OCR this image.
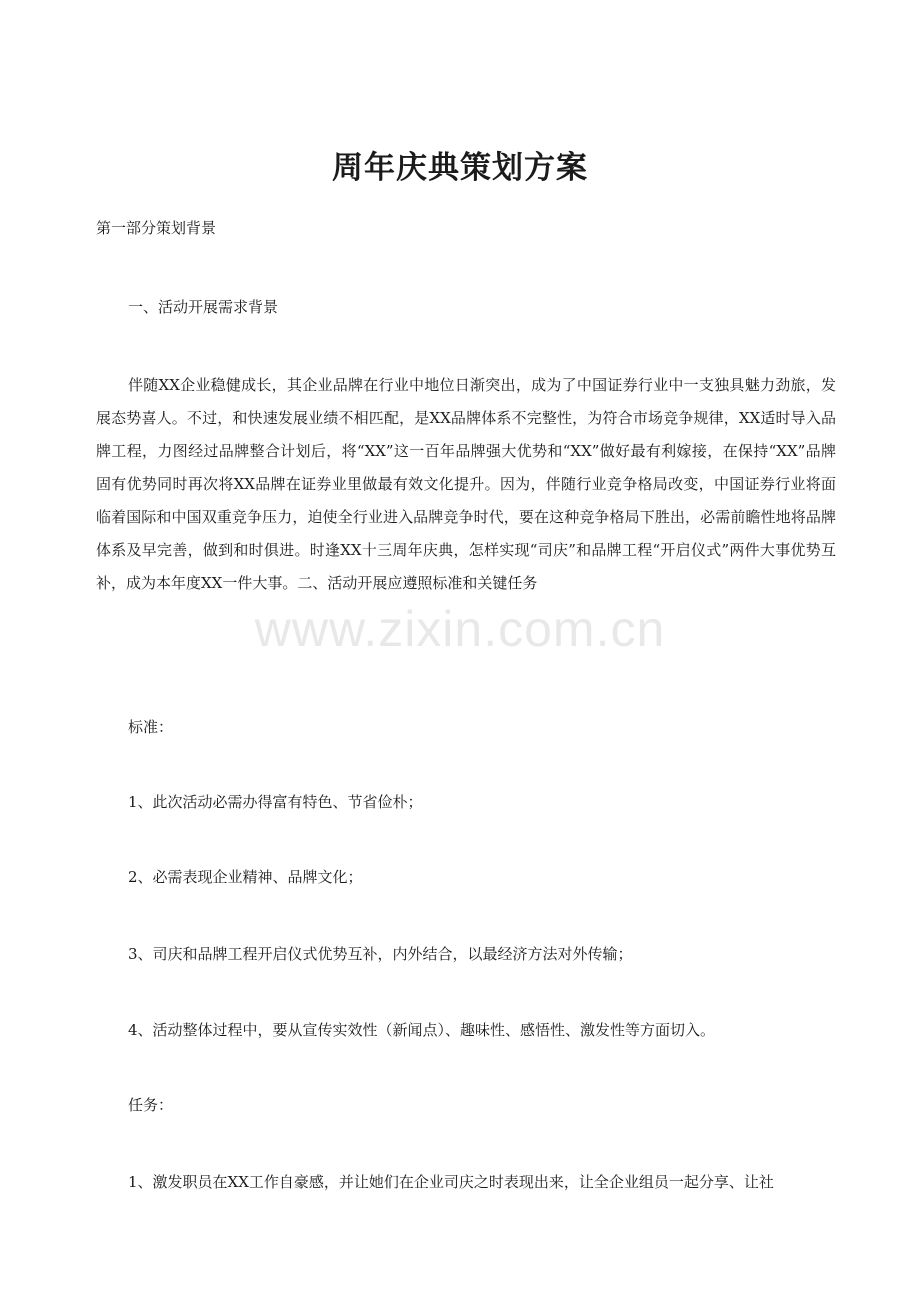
周年庆典策划方案

第一部分策划背景

一、活动开展需求背景

伴随XX企业稳健成长，其企业品牌在行业中地位日渐突出，成为了中国证券行业中一支独具魅力劲旅，发展态势喜人。不过，和快速发展业绩不相匹配，是XX品牌体系不完整性，为符合市场竞争规律，XX适时导入品牌工程，力图经过品牌整合计划后，将“XX”这一百年品牌强大优势和“XX”做好最有利嫁接，在保持“XX”品牌固有优势同时再次将XX品牌在证券业里做最有效文化提升。因为，伴随行业竞争格局改变，中国证券行业将面临着国际和中国双重竞争压力，迫使全行业进入品牌竞争时代，要在这种竞争格局下胜出，必需前瞻性地将品牌体系及早完善，做到和时俱进。时逢XX十三周年庆典，怎样实现“司庆”和品牌工程“开启仪式”两件大事优势互补，成为本年度XX一件大事。二、活动开展应遵照标准和关键任务

标准：

1、此次活动必需办得富有特色、节省俭朴；

2、必需表现企业精神、品牌文化；

3、司庆和品牌工程开启仪式优势互补，内外结合，以最经济方法对外传输；

4、活动整体过程中，要从宣传实效性（新闻点）、趣味性、感悟性、激发性等方面切入。

任务：

1、激发职员在XX工作自豪感，并让她们在企业司庆之时表现出来，让全企业组员一起分享、让社

www.zixin.com.cn
